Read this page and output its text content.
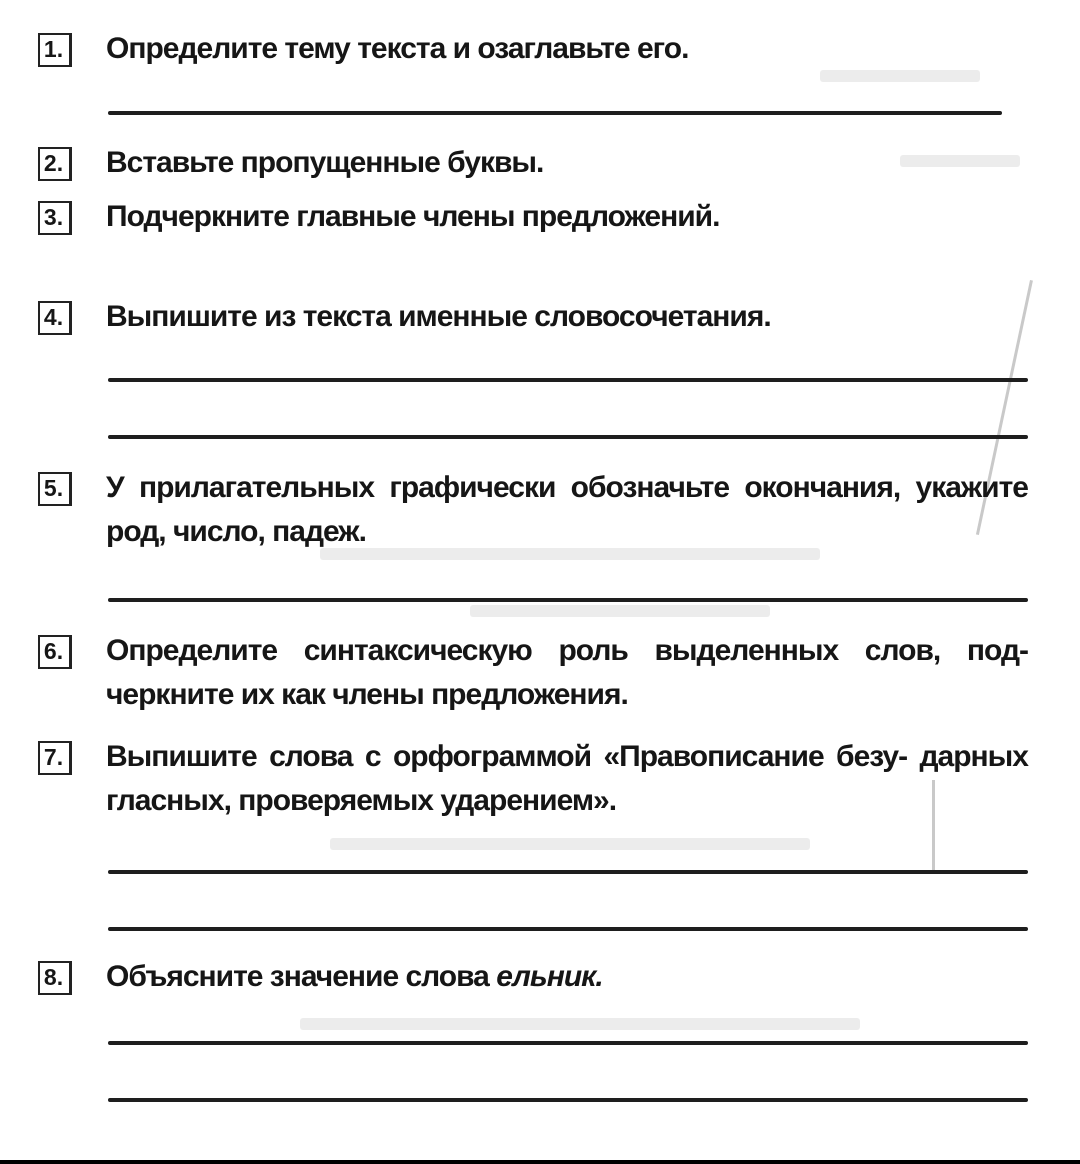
1. Определите тему текста и озаглавьте его.
2. Вставьте пропущенные буквы.
3. Подчеркните главные члены предложений.
4. Выпишите из текста именные словосочетания.
5. У прилагательных графически обозначьте окончания, укажите род, число, падеж.
6. Определите синтаксическую роль выделенных слов, под- черкните их как члены предложения.
7. Выпишите слова с орфограммой «Правописание безу- дарных гласных, проверяемых ударением».
8. Объясните значение слова ельник.
